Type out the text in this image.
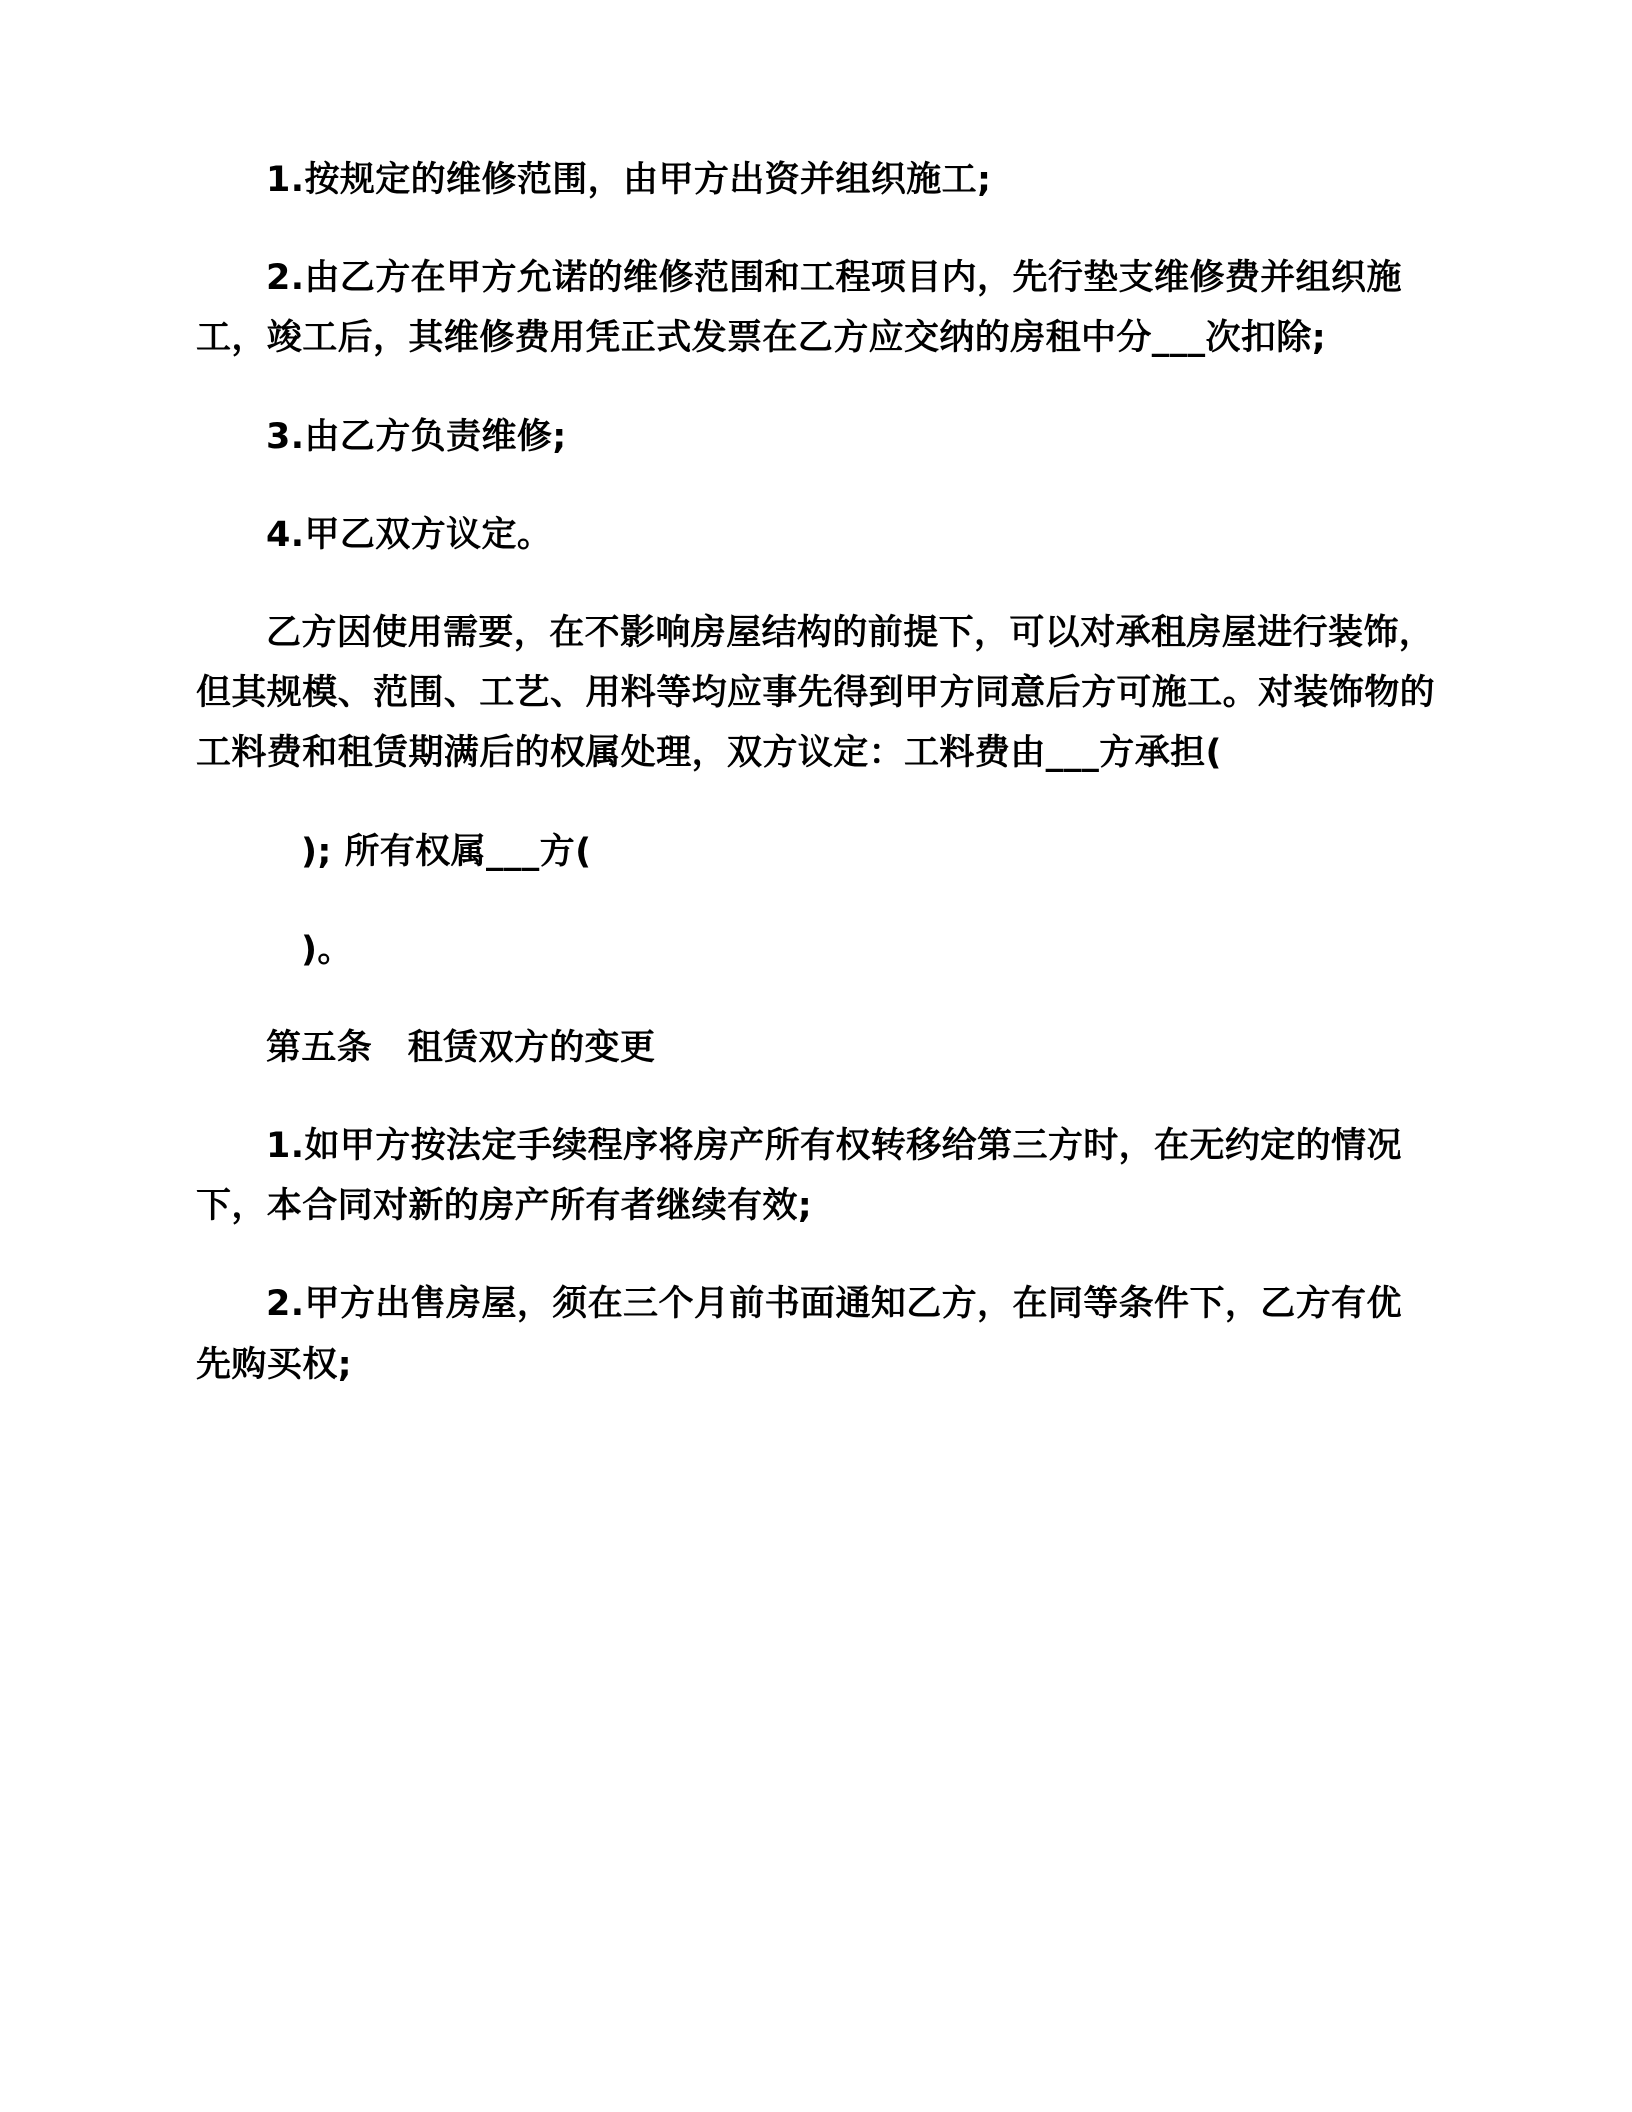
1.按规定的维修范围，由甲方出资并组织施工;

2.由乙方在甲方允诺的维修范围和工程项目内，先行垫支维修费并组织施工，竣工后，其维修费用凭正式发票在乙方应交纳的房租中分___次扣除;

3.由乙方负责维修;

4.甲乙双方议定。

乙方因使用需要，在不影响房屋结构的前提下，可以对承租房屋进行装饰，但其规模、范围、工艺、用料等均应事先得到甲方同意后方可施工。对装饰物的工料费和租赁期满后的权属处理，双方议定：工料费由___方承担(

); 所有权属___方(

)。

第五条　租赁双方的变更

1.如甲方按法定手续程序将房产所有权转移给第三方时，在无约定的情况下，本合同对新的房产所有者继续有效;

2.甲方出售房屋，须在三个月前书面通知乙方，在同等条件下，乙方有优先购买权;
